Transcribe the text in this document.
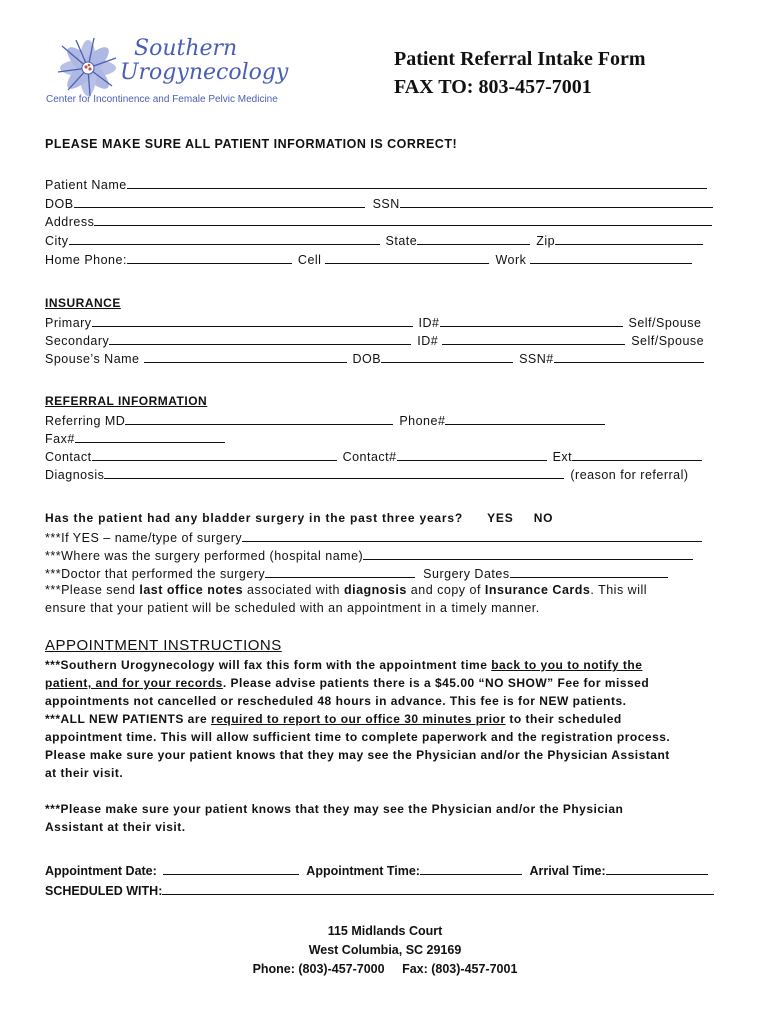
Southern
Urogynecology
Center for Incontinence and Female Pelvic Medicine
Patient Referral Intake Form
FAX TO: 803-457-7001
PLEASE MAKE SURE ALL PATIENT INFORMATION IS CORRECT!
Patient Name
DOB	SSN
Address
City	State	Zip
Home Phone:	Cell	Work
INSURANCE
Primary	ID#	Self/Spouse
Secondary	ID#	Self/Spouse
Spouse’s Name	DOB	SSN#
REFERRAL INFORMATION
Referring MD	Phone#
Fax#
Contact	Contact#	Ext
Diagnosis	(reason for referral)
Has the patient had any bladder surgery in the past three years? YES NO
***If YES – name/type of surgery
***Where was the surgery performed (hospital name)
***Doctor that performed the surgery	Surgery Dates
***Please send last office notes associated with diagnosis and copy of Insurance Cards. This will
ensure that your patient will be scheduled with an appointment in a timely manner.
APPOINTMENT INSTRUCTIONS
***Southern Urogynecology will fax this form with the appointment time back to you to notify the
patient, and for your records. Please advise patients there is a $45.00 “NO SHOW” Fee for missed
appointments not cancelled or rescheduled 48 hours in advance. This fee is for NEW patients.
***ALL NEW PATIENTS are required to report to our office 30 minutes prior to their scheduled
appointment time. This will allow sufficient time to complete paperwork and the registration process.
Please make sure your patient knows that they may see the Physician and/or the Physician Assistant
at their visit.
***Please make sure your patient knows that they may see the Physician and/or the Physician
Assistant at their visit.
Appointment Date:	Appointment Time:	Arrival Time:
SCHEDULED WITH:
115 Midlands Court
West Columbia, SC 29169
Phone: (803)-457-7000 Fax: (803)-457-7001
